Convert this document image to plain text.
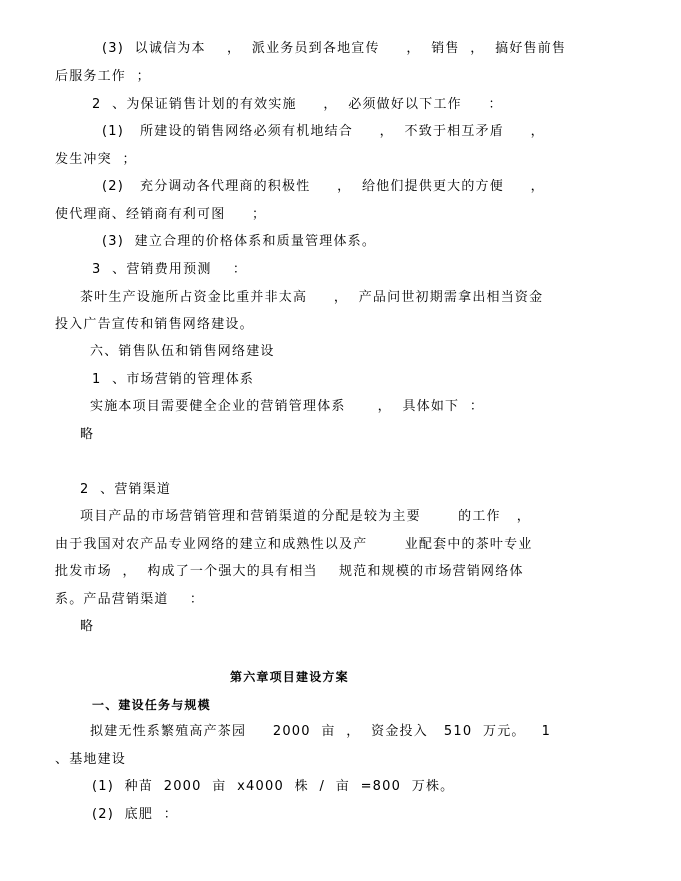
(3)  以诚信为本    ，  派业务员到各地宣传     ，  销售  ，  搞好售前售
后服务工作  ；
2  、为保证销售计划的有效实施     ，  必须做好以下工作     ：
(1)   所建设的销售网络必须有机地结合     ，  不致于相互矛盾     ，
发生冲突  ；
(2)   充分调动各代理商的积极性     ，  给他们提供更大的方便     ，
使代理商、经销商有利可图     ；
(3)  建立合理的价格体系和质量管理体系。
3  、营销费用预测    ：
茶叶生产设施所占资金比重并非太高     ，  产品问世初期需拿出相当资金
投入广告宣传和销售网络建设。
六、销售队伍和销售网络建设
1  、市场营销的管理体系
实施本项目需要健全企业的营销管理体系      ，  具体如下  ：
略
2  、营销渠道
项目产品的市场营销管理和营销渠道的分配是较为主要       的工作   ，
由于我国对农产品专业网络的建立和成熟性以及产       业配套中的茶叶专业
批发市场  ，  构成了一个强大的具有相当    规范和规模的市场营销网络体
系。产品营销渠道    ：
略
第六章项目建设方案
一、建设任务与规模
拟建无性系繁殖高产茶园     2000  亩  ，  资金投入   510  万元。   1
、基地建设
(1)  种苗  2000  亩  x4000  株  /  亩  =800  万株。
(2)  底肥  ：
